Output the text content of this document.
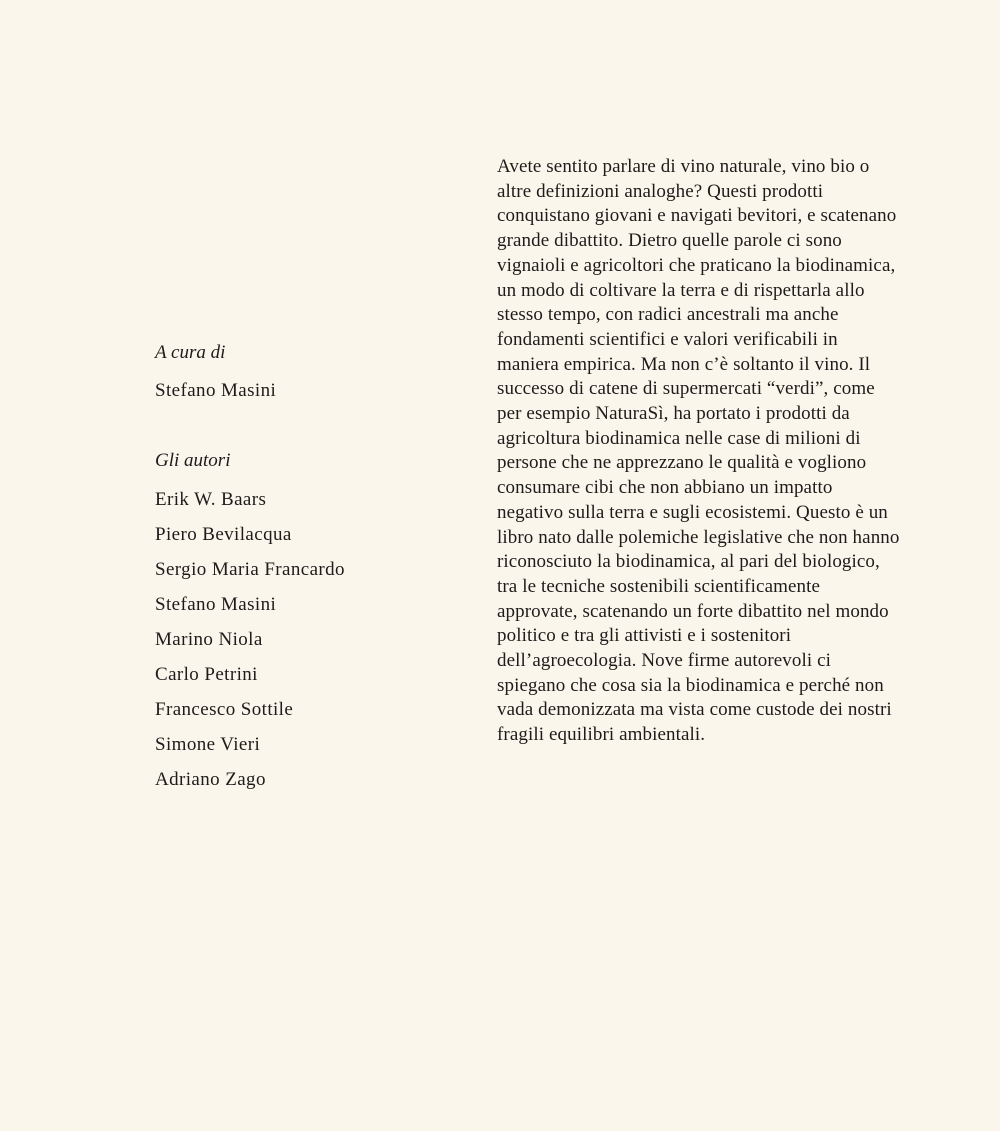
A cura di

Stefano Masini

Gli autori

Erik W. Baars
Piero Bevilacqua
Sergio Maria Francardo
Stefano Masini
Marino Niola
Carlo Petrini
Francesco Sottile
Simone Vieri
Adriano Zago

Avete sentito parlare di vino naturale, vino bio o altre definizioni analoghe? Questi prodotti conquistano giovani e navigati bevitori, e scatenano grande dibattito. Dietro quelle parole ci sono vignaioli e agricoltori che praticano la biodinamica, un modo di coltivare la terra e di rispettarla allo stesso tempo, con radici ancestrali ma anche fondamenti scientifici e valori verificabili in maniera empirica. Ma non c’è soltanto il vino. Il successo di catene di supermercati “verdi”, come per esempio NaturaSì, ha portato i prodotti da agricoltura biodinamica nelle case di milioni di persone che ne apprezzano le qualità e vogliono consumare cibi che non abbiano un impatto negativo sulla terra e sugli ecosistemi. Questo è un libro nato dalle polemiche legislative che non hanno riconosciuto la biodinamica, al pari del biologico, tra le tecniche sostenibili scientificamente approvate, scatenando un forte dibattito nel mondo politico e tra gli attivisti e i sostenitori dell’agroecologia. Nove firme autorevoli ci spiegano che cosa sia la biodinamica e perché non vada demonizzata ma vista come custode dei nostri fragili equilibri ambientali.
